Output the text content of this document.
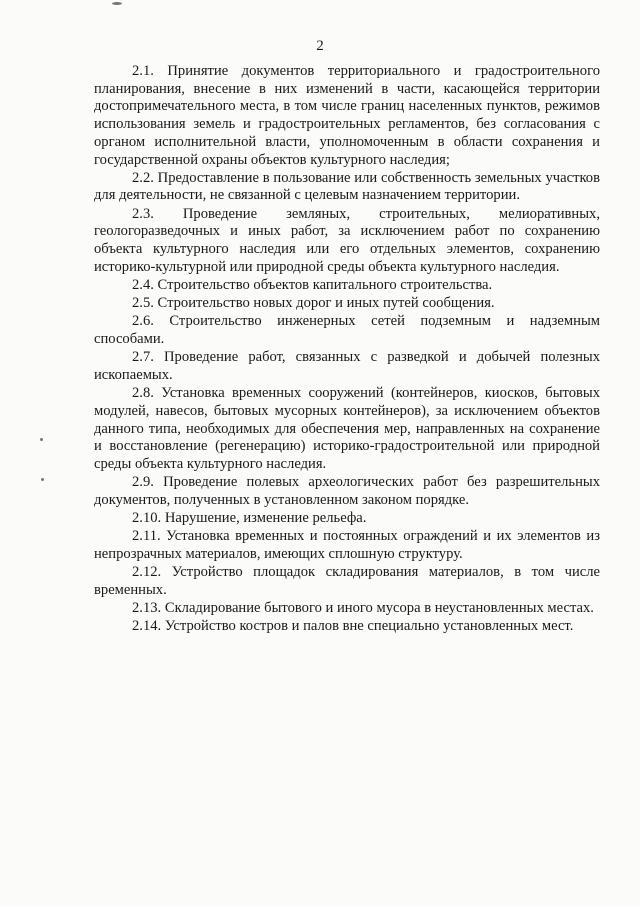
2

2.1. Принятие документов территориального и градостроительного планирования, внесение в них изменений в части, касающейся территории достопримечательного места, в том числе границ населенных пунктов, режимов использования земель и градостроительных регламентов, без согласования с органом исполнительной власти, уполномоченным в области сохранения и государственной охраны объектов культурного наследия;

2.2. Предоставление в пользование или собственность земельных участков для деятельности, не связанной с целевым назначением территории.

2.3. Проведение земляных, строительных, мелиоративных, геологоразведочных и иных работ, за исключением работ по сохранению объекта культурного наследия или его отдельных элементов, сохранению историко-культурной или природной среды объекта культурного наследия.

2.4. Строительство объектов капитального строительства.

2.5. Строительство новых дорог и иных путей сообщения.

2.6. Строительство инженерных сетей подземным и надземным способами.

2.7. Проведение работ, связанных с разведкой и добычей полезных ископаемых.

2.8. Установка временных сооружений (контейнеров, киосков, бытовых модулей, навесов, бытовых мусорных контейнеров), за исключением объектов данного типа, необходимых для обеспечения мер, направленных на сохранение и восстановление (регенерацию) историко-градостроительной или природной среды объекта культурного наследия.

2.9. Проведение полевых археологических работ без разрешительных документов, полученных в установленном законом порядке.

2.10. Нарушение, изменение рельефа.

2.11. Установка временных и постоянных ограждений и их элементов из непрозрачных материалов, имеющих сплошную структуру.

2.12. Устройство площадок складирования материалов, в том числе временных.

2.13. Складирование бытового и иного мусора в неустановленных местах.

2.14. Устройство костров и палов вне специально установленных мест.
